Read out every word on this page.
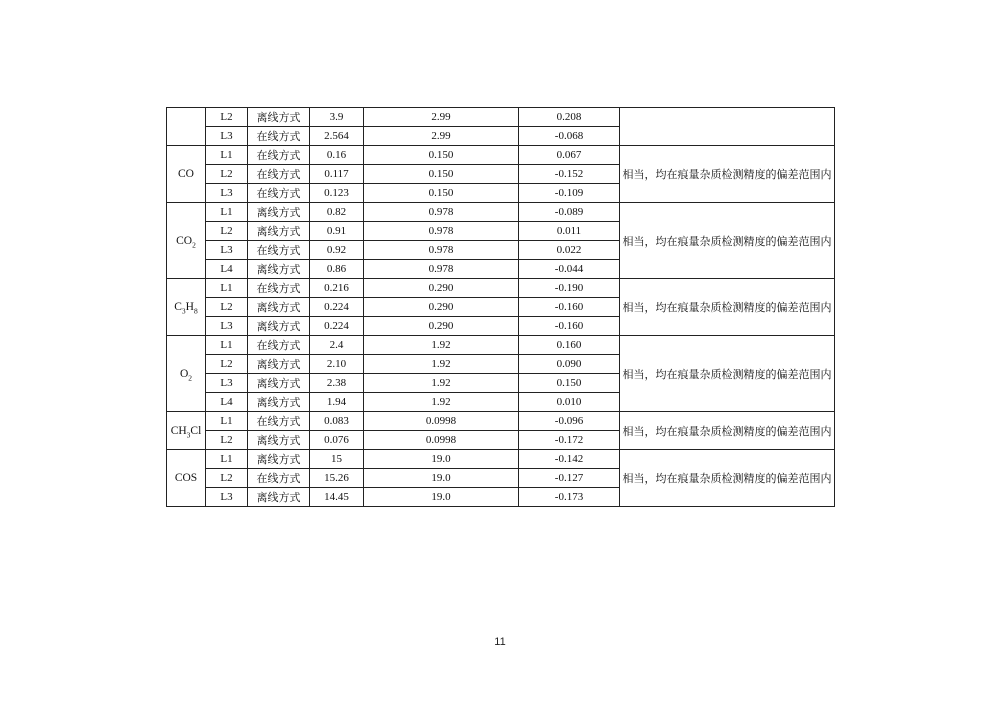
	L2	离线方式	3.9	2.99	0.208	
	L3	在线方式	2.564	2.99	-0.068	
CO	L1	在线方式	0.16	0.150	0.067	相当，均在痕量杂质检测精度的偏差范围内
	L2	在线方式	0.117	0.150	-0.152	
	L3	在线方式	0.123	0.150	-0.109	
$CO_2$	L1	离线方式	0.82	0.978	-0.089	相当，均在痕量杂质检测精度的偏差范围内
	L2	离线方式	0.91	0.978	0.011	
	L3	在线方式	0.92	0.978	0.022	
	L4	离线方式	0.86	0.978	-0.044	
$C_3H_8$	L1	在线方式	0.216	0.290	-0.190	相当，均在痕量杂质检测精度的偏差范围内
	L2	离线方式	0.224	0.290	-0.160	
	L3	离线方式	0.224	0.290	-0.160	
$O_2$	L1	在线方式	2.4	1.92	0.160	相当，均在痕量杂质检测精度的偏差范围内
	L2	离线方式	2.10	1.92	0.090	
	L3	离线方式	2.38	1.92	0.150	
	L4	离线方式	1.94	1.92	0.010	
$CH_3Cl$	L1	在线方式	0.083	0.0998	-0.096	相当，均在痕量杂质检测精度的偏差范围内
	L2	离线方式	0.076	0.0998	-0.172	
COS	L1	离线方式	15	19.0	-0.142	相当，均在痕量杂质检测精度的偏差范围内
	L2	在线方式	15.26	19.0	-0.127	
	L3	离线方式	14.45	19.0	-0.173	
11
